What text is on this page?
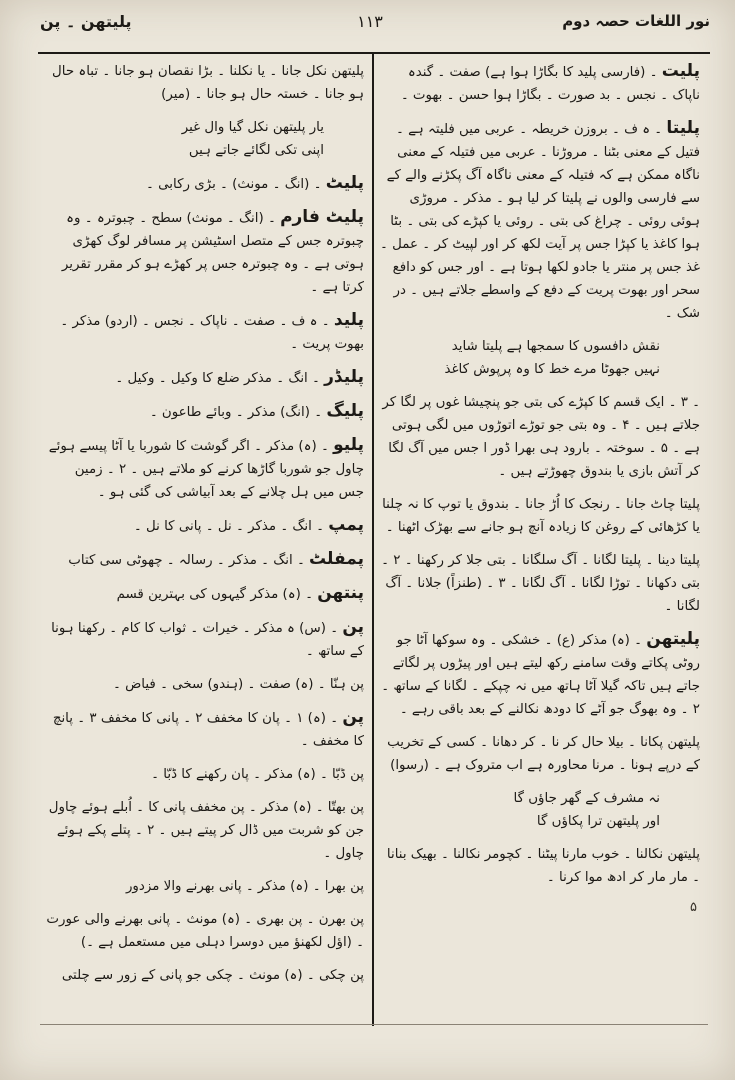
پلیتھن ۔ پن	۱۱۳	نور اللغات حصہ دوم

پلیت ۔ (فارسی پلید کا بگاڑا ہوا ہے) صفت ۔ گندہ ناپاک ۔ نجس ۔ بد صورت ۔ بگاڑا ہوا حسن ۔ بھوت ۔

پلیتا ۔ ہ ف ۔ بروزن خریطہ ۔ عربی میں فلیتہ ہے ۔ فتیل کے معنی بٹنا ۔ مروڑنا ۔ عربی میں فتیلہ کے معنی ناگاہ ممکن ہے کہ فتیلہ کے معنی ناگاہ آگ پکڑنے والے کے سے فارسی والوں نے پلیتا کر لیا ہو ۔ مذکر ۔ مروڑی ہوئی روئی ۔ چراغ کی بتی ۔ روئی یا کپڑے کی بتی ۔ بٹا ہوا کاغذ یا کپڑا جس پر آیت لکھ کر اور لپیٹ کر ۔ عمل ۔ غذ جس پر منتر یا جادو لکھا ہوتا ہے ۔ اور جس کو دافع سحر اور بھوت پریت کے دفع کے واسطے جلاتے ہیں ۔ در شک ۔

نقش دافسوں کا سمجھا ہے پلیتا شاید
نہیں جھوٹا مرے خط کا وہ پرپوش کاغذ

۔ ۳ ۔ ایک قسم کا کپڑے کی بتی جو پنچیشا غوں پر لگا کر جلاتے ہیں ۔ ۴ ۔ وہ بتی جو توڑے اتوڑوں میں لگی ہوتی ہے ۔ ۵ ۔ سوختہ ۔ بارود ہی بھرا ڈور ا جس میں آگ لگا کر آتش بازی یا بندوق چھوڑتے ہیں ۔

پلیتا چاٹ جانا ۔ رنجک کا اُڑ جانا ۔ بندوق یا توپ کا نہ چلنا یا کڑھائی کے روغن کا زیادہ آنچ ہو جانے سے بھڑک اٹھنا ۔

پلیتا دینا ۔ پلیتا لگانا ۔ آگ سلگانا ۔ بتی جلا کر رکھنا ۔ ۲ ۔ بتی دکھانا ۔ توڑا لگانا ۔ آگ لگانا ۔ ۳ ۔ (طنزاً) جلانا ۔ آگ لگانا ۔

پلیتھن ۔ (ہ) مذکر (ع) ۔ خشکی ۔ وہ سوکھا آٹا جو روٹی پکاتے وقت سامنے رکھ لیتے ہیں اور پیڑوں پر لگاتے جاتے ہیں تاکہ گیلا آٹا ہاتھ میں نہ چپکے ۔ لگانا کے ساتھ ۔ ۲ ۔ وہ بھوگ جو آٹے کا دودھ نکالنے کے بعد باقی رہے ۔

پلیتھن پکانا ۔ بیلا حال کر نا ۔ کر دھانا ۔ کسی کے تخریب کے درپے ہونا ۔ مرنا محاورہ ہے اب متروک ہے ۔ (رسوا)

نہ مشرف کے گھر جاؤں گا
اور پلیتھن ترا پکاؤں گا

پلیتھن نکالنا ۔ خوب مارنا پیٹنا ۔ کچومر نکالنا ۔ بھیک بنانا ۔ مار مار کر ادھ موا کرنا ۔

پلیتھن نکل جانا ۔ یا نکلنا ۔ بڑا نقصان ہو جانا ۔ تباہ حال ہو جانا ۔ خستہ حال ہو جانا ۔ (میر)

یار پلیتھن نکل گیا وال غیر
اپنی تکی لگائے جاتے ہیں

پلیٹ ۔ (انگ ۔ مونث) ۔ بڑی رکابی ۔

پلیٹ فارم ۔ (انگ ۔ مونث) سطح ۔ چبوترہ ۔ وہ چبوترہ جس کے متصل اسٹیشن پر مسافر لوگ کھڑی ہوتی ہے ۔ وہ چبوترہ جس پر کھڑے ہو کر مقرر تقریر کرتا ہے ۔

پلید ۔ ہ ف ۔ صفت ۔ ناپاک ۔ نجس ۔ (اردو) مذکر ۔ بھوت پریت ۔

پلیڈر ۔ انگ ۔ مذکر ضلع کا وکیل ۔ وکیل ۔

پلیگ ۔ (انگ) مذکر ۔ وبائے طاعون ۔

پلیو ۔ (ہ) مذکر ۔ اگر گوشت کا شوربا یا آٹا پیسے ہوئے چاول جو شوربا گاڑھا کرنے کو ملاتے ہیں ۔ ۲ ۔ زمین جس میں ہل چلانے کے بعد آبیاشی کی گئی ہو ۔

پمپ ۔ انگ ۔ مذکر ۔ نل ۔ پانی کا نل ۔

پمفلٹ ۔ انگ ۔ مذکر ۔ رسالہ ۔ چھوٹی سی کتاب

پنتھن ۔ (ہ) مذکر گیہوں کی بہترین قسم

پن ۔ (س) ہ مذکر ۔ خیرات ۔ ثواب کا کام ۔ رکھنا ہونا کے ساتھ ۔

پن ہنّا ۔ (ہ) صفت ۔ (ہندو) سخی ۔ فیاض ۔

پن ۔ (ہ) ۱ ۔ پان کا مخفف ۲ ۔ پانی کا مخفف ۳ ۔ پانچ کا مخفف ۔

پن ڈبّا ۔ (ہ) مذکر ۔ پان رکھنے کا ڈبّا ۔

پن بھتّا ۔ (ہ) مذکر ۔ پن مخفف پانی کا ۔ اُبلے ہوئے چاول جن کو شربت میں ڈال کر پیتے ہیں ۔ ۲ ۔ پتلے پکے ہوئے چاول ۔

پن بھرا ۔ (ہ) مذکر ۔ پانی بھرنے والا مزدور

پن بھرن ۔ پن بھری ۔ (ہ) مونث ۔ پانی بھرنے والی عورت ۔ (اؤل لکھنؤ میں دوسرا دہلی میں مستعمل ہے ۔)

پن چکی ۔ (ہ) مونث ۔ چکی جو پانی کے زور سے چلتی

۵
